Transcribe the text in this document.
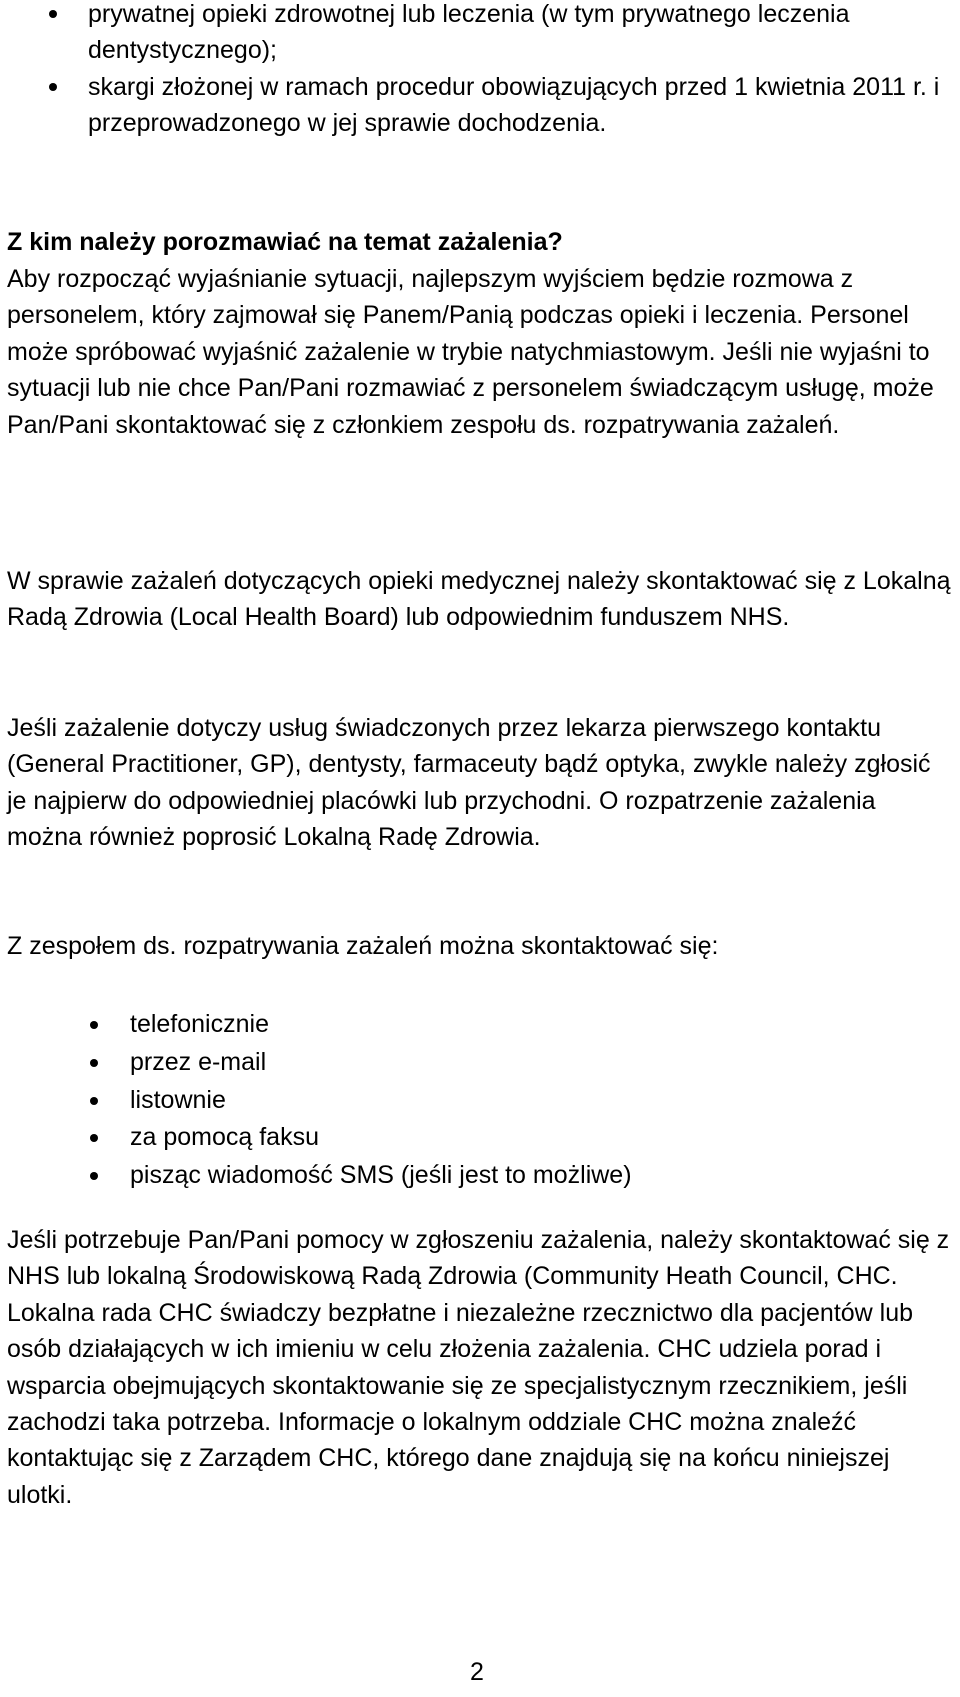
prywatnej opieki zdrowotnej lub leczenia (w tym prywatnego leczenia dentystycznego);
skargi złożonej w ramach procedur obowiązujących przed 1 kwietnia 2011 r. i przeprowadzonego w jej sprawie dochodzenia.

Z kim należy porozmawiać na temat zażalenia?

Aby rozpocząć wyjaśnianie sytuacji, najlepszym wyjściem będzie rozmowa z personelem, który zajmował się Panem/Panią podczas opieki i leczenia. Personel może spróbować wyjaśnić zażalenie w trybie natychmiastowym. Jeśli nie wyjaśni to sytuacji lub nie chce Pan/Pani rozmawiać z personelem świadczącym usługę, może Pan/Pani skontaktować się z członkiem zespołu ds. rozpatrywania zażaleń.

W sprawie zażaleń dotyczących opieki medycznej należy skontaktować się z Lokalną Radą Zdrowia (Local Health Board) lub odpowiednim funduszem NHS.

Jeśli zażalenie dotyczy usług świadczonych przez lekarza pierwszego kontaktu (General Practitioner, GP), dentysty, farmaceuty bądź optyka, zwykle należy zgłosić je najpierw do odpowiedniej placówki lub przychodni. O rozpatrzenie zażalenia można również poprosić Lokalną Radę Zdrowia.

Z zespołem ds. rozpatrywania zażaleń można skontaktować się:

telefonicznie
przez e-mail
listownie
za pomocą faksu
pisząc wiadomość SMS (jeśli jest to możliwe)

Jeśli potrzebuje Pan/Pani pomocy w zgłoszeniu zażalenia, należy skontaktować się z NHS lub lokalną Środowiskową Radą Zdrowia (Community Heath Council, CHC. Lokalna rada CHC świadczy bezpłatne i niezależne rzecznictwo dla pacjentów lub osób działających w ich imieniu w celu złożenia zażalenia. CHC udziela porad i wsparcia obejmujących skontaktowanie się ze specjalistycznym rzecznikiem, jeśli zachodzi taka potrzeba. Informacje o lokalnym oddziale CHC można znaleźć kontaktując się z Zarządem CHC, którego dane znajdują się na końcu niniejszej ulotki.

2
